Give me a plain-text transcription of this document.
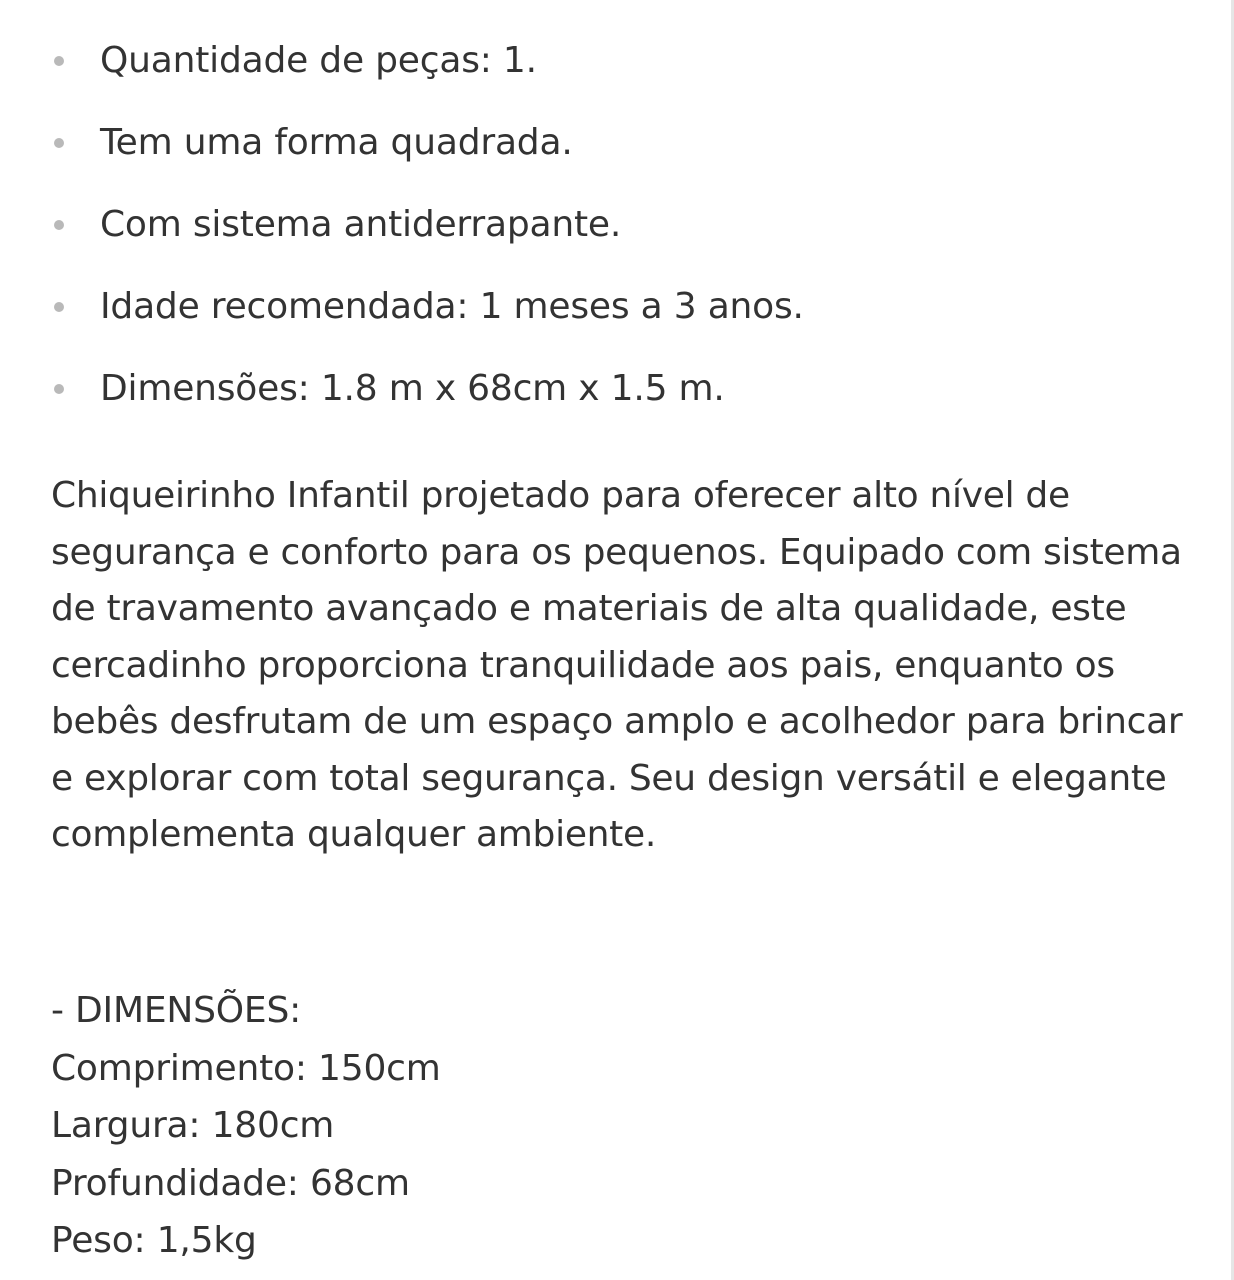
Quantidade de peças: 1.
Tem uma forma quadrada.
Com sistema antiderrapante.
Idade recomendada: 1 meses a 3 anos.
Dimensões: 1.8 m x 68cm x 1.5 m.

Chiqueirinho Infantil projetado para oferecer alto nível de segurança e conforto para os pequenos. Equipado com sistema de travamento avançado e materiais de alta qualidade, este cercadinho proporciona tranquilidade aos pais, enquanto os bebês desfrutam de um espaço amplo e acolhedor para brincar e explorar com total segurança. Seu design versátil e elegante complementa qualquer ambiente.

- DIMENSÕES:
Comprimento: 150cm
Largura: 180cm
Profundidade: 68cm
Peso: 1,5kg
